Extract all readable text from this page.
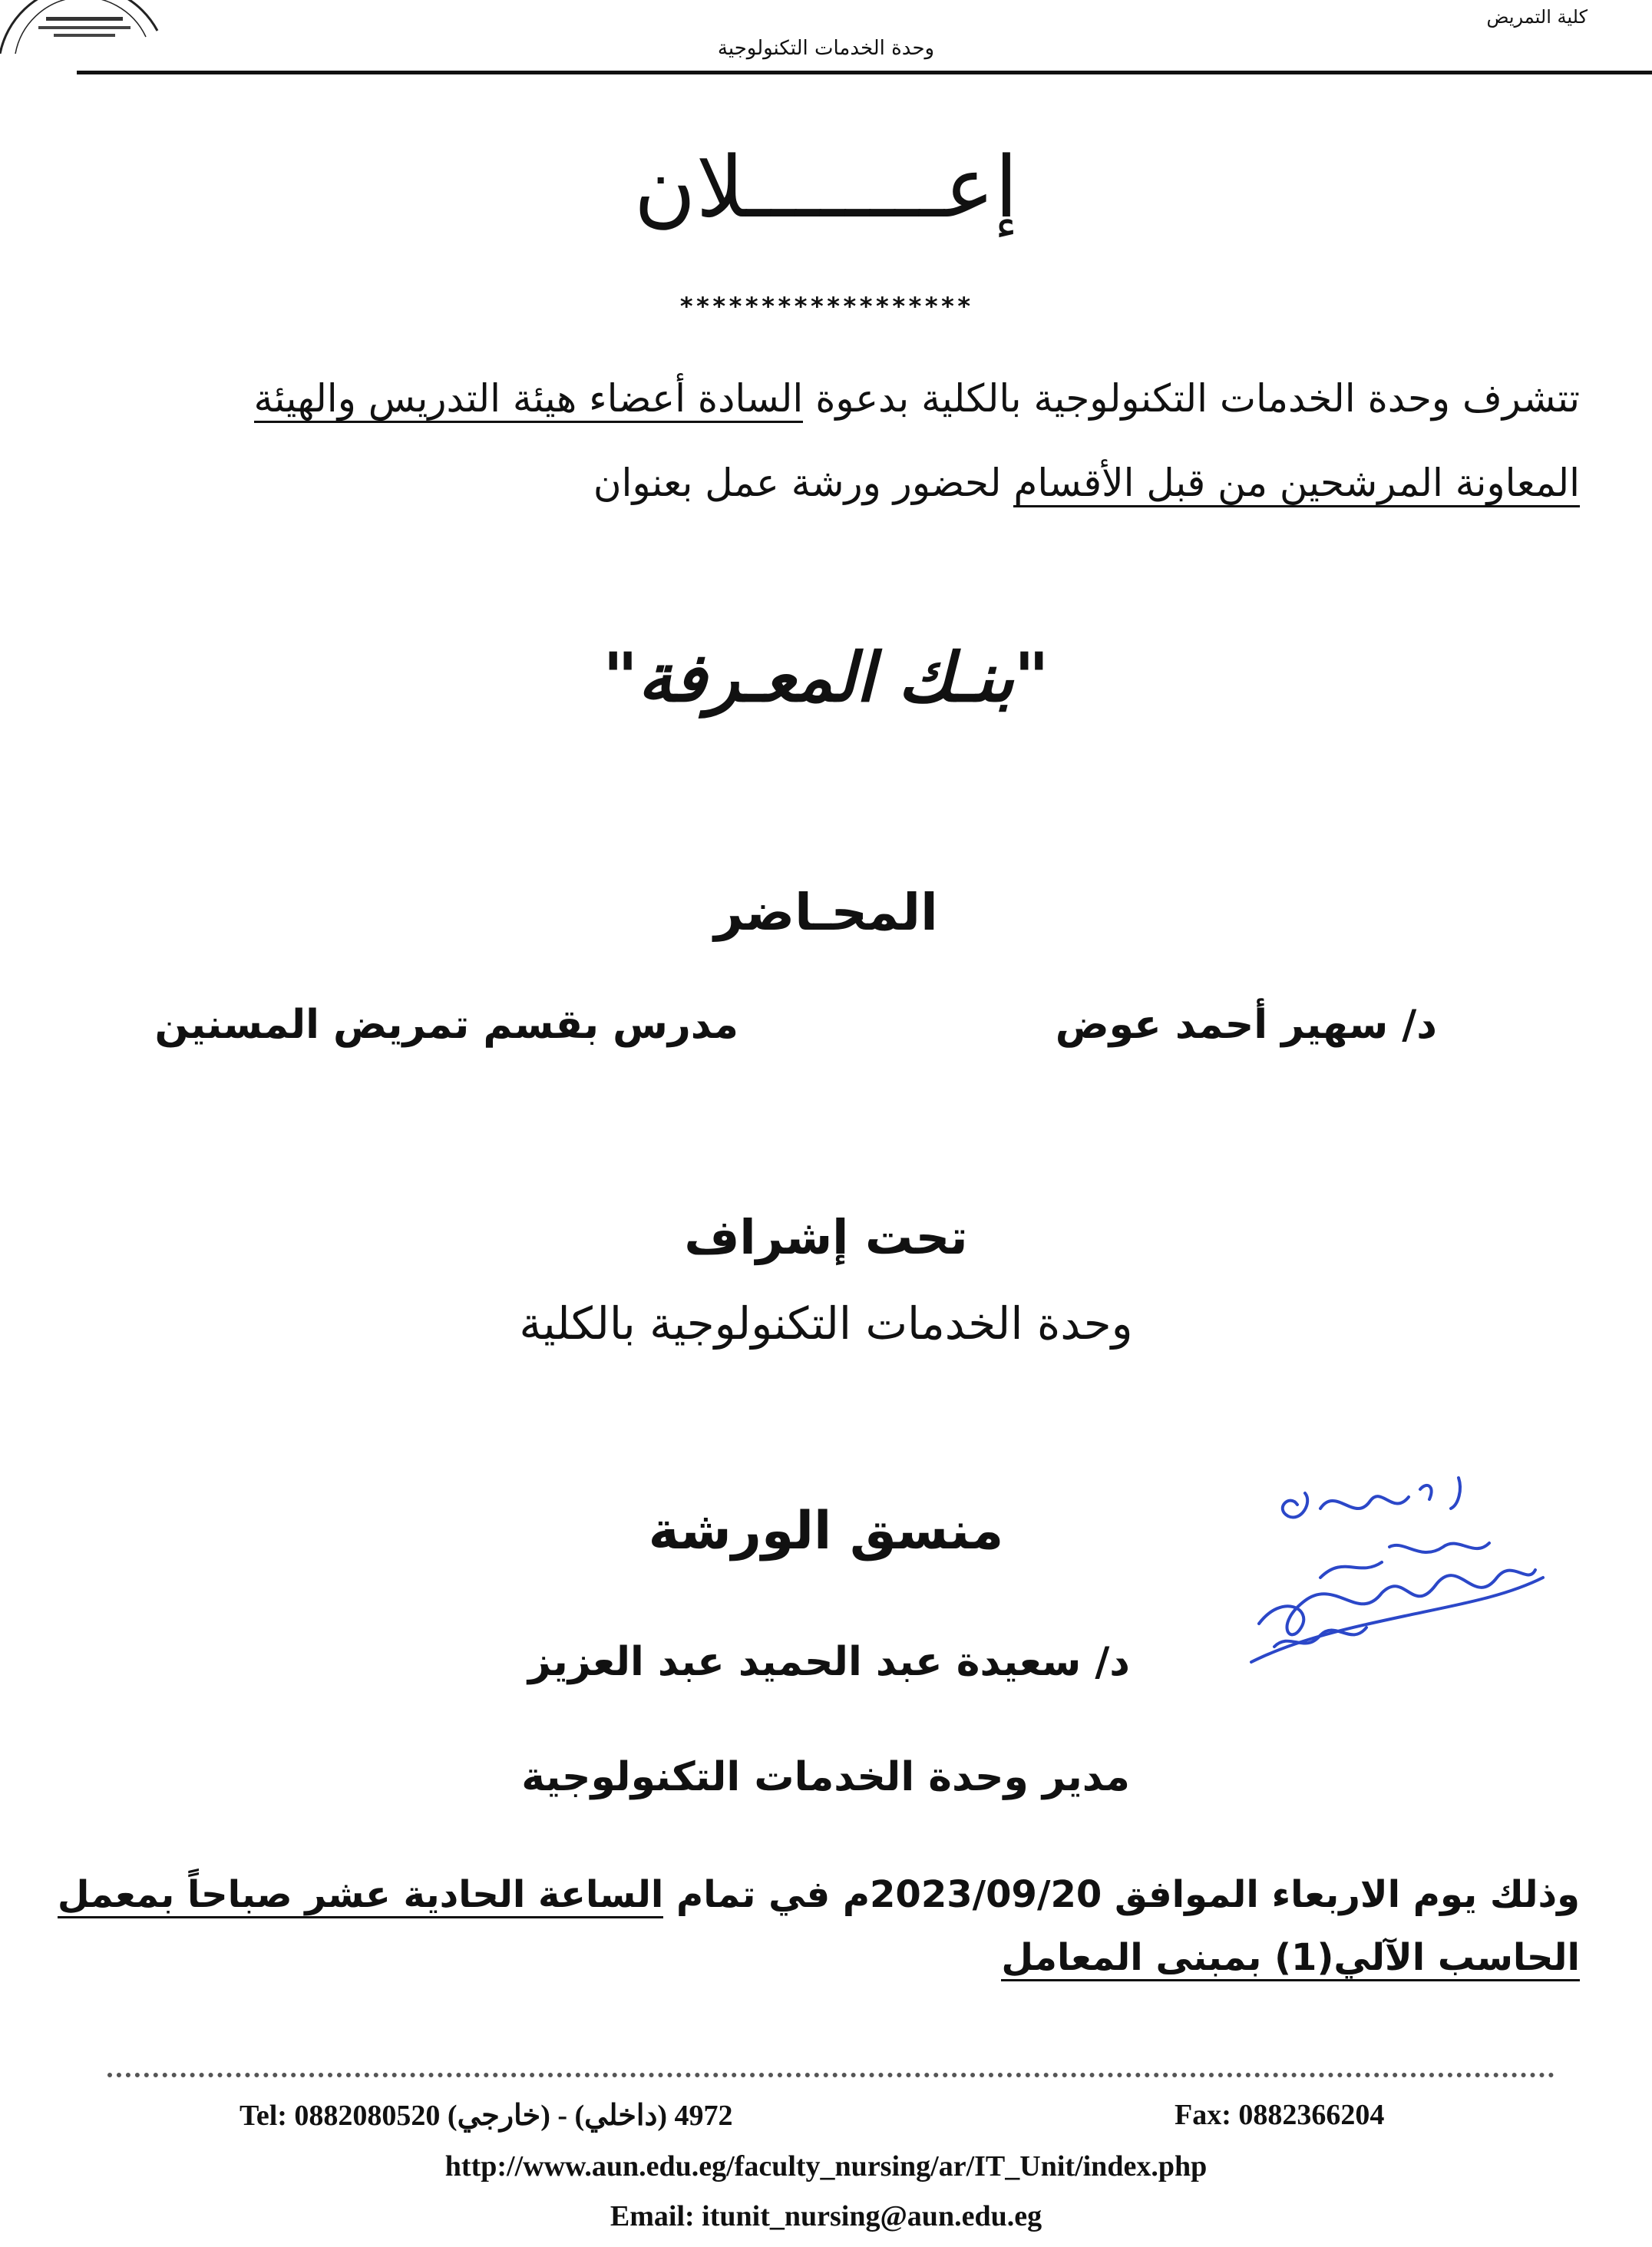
كلية التمريض
وحدة الخدمات التكنولوجية
إعــــــــلان
******************
تتشرف وحدة الخدمات التكنولوجية بالكلية بدعوة السادة أعضاء هيئة التدريس والهيئة
المعاونة المرشحين من قبل الأقسام لحضور ورشة عمل بعنوان
"بنـك المعـرفة"
المحـاضر
د/ سهير أحمد عوض
مدرس بقسم تمريض المسنين
تحت إشراف
وحدة الخدمات التكنولوجية بالكلية
منسق الورشة
د/ سعيدة عبد الحميد عبد العزيز
مدير وحدة الخدمات التكنولوجية
وذلك يوم الاربعاء الموافق 2023/09/20م في تمام الساعة الحادية عشر صباحاً بمعمل
الحاسب الآلي(1) بمبنى المعامل
Tel: 0882080520 (خارجي) - 4972 (داخلي)	Fax: 0882366204
http://www.aun.edu.eg/faculty_nursing/ar/IT_Unit/index.php
Email: itunit_nursing@aun.edu.eg
